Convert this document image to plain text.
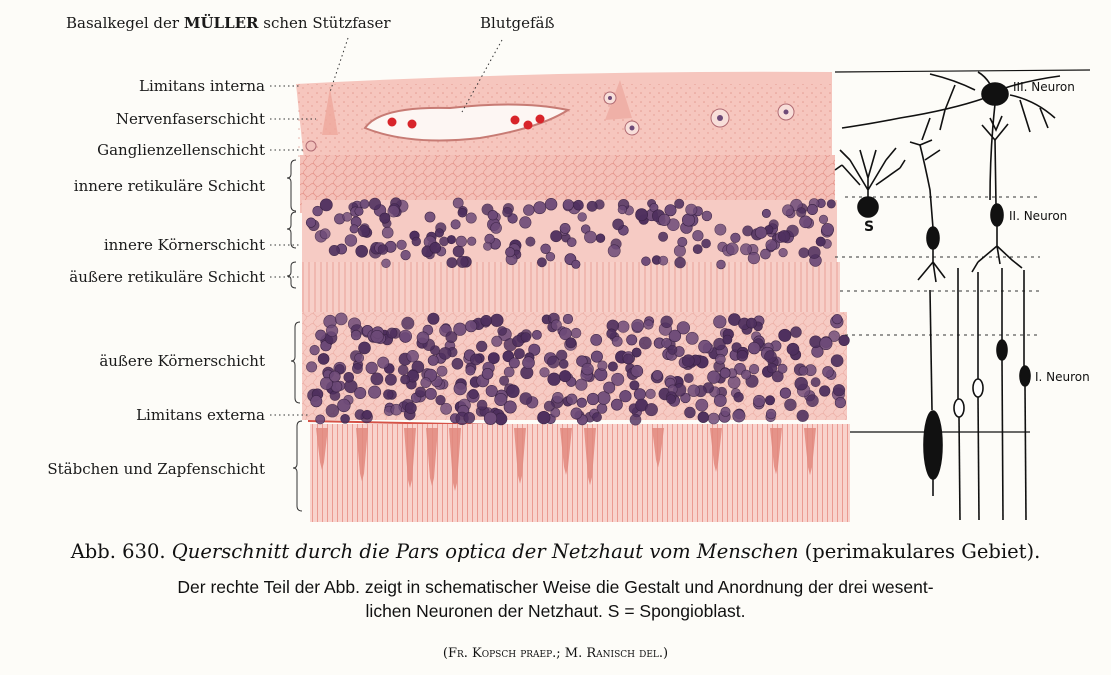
Basalkegel der MÜLLER schen Stützfaser	Blutgefäß
Limitans interna
Nervenfaserschicht
Ganglienzellenschicht
innere retikuläre Schicht
innere Körnerschicht
äußere retikuläre Schicht
äußere Körnerschicht
Limitans externa
Stäbchen und Zapfenschicht
III. Neuron
II. Neuron
I. Neuron
S
Abb. 630. Querschnitt durch die Pars optica der Netzhaut vom Menschen (perimakulares Gebiet).
Der rechte Teil der Abb. zeigt in schematischer Weise die Gestalt und Anordnung der drei wesent-
lichen Neuronen der Netzhaut. S = Spongioblast.
(Fr. Kopsch praep.; M. Ranisch del.)
